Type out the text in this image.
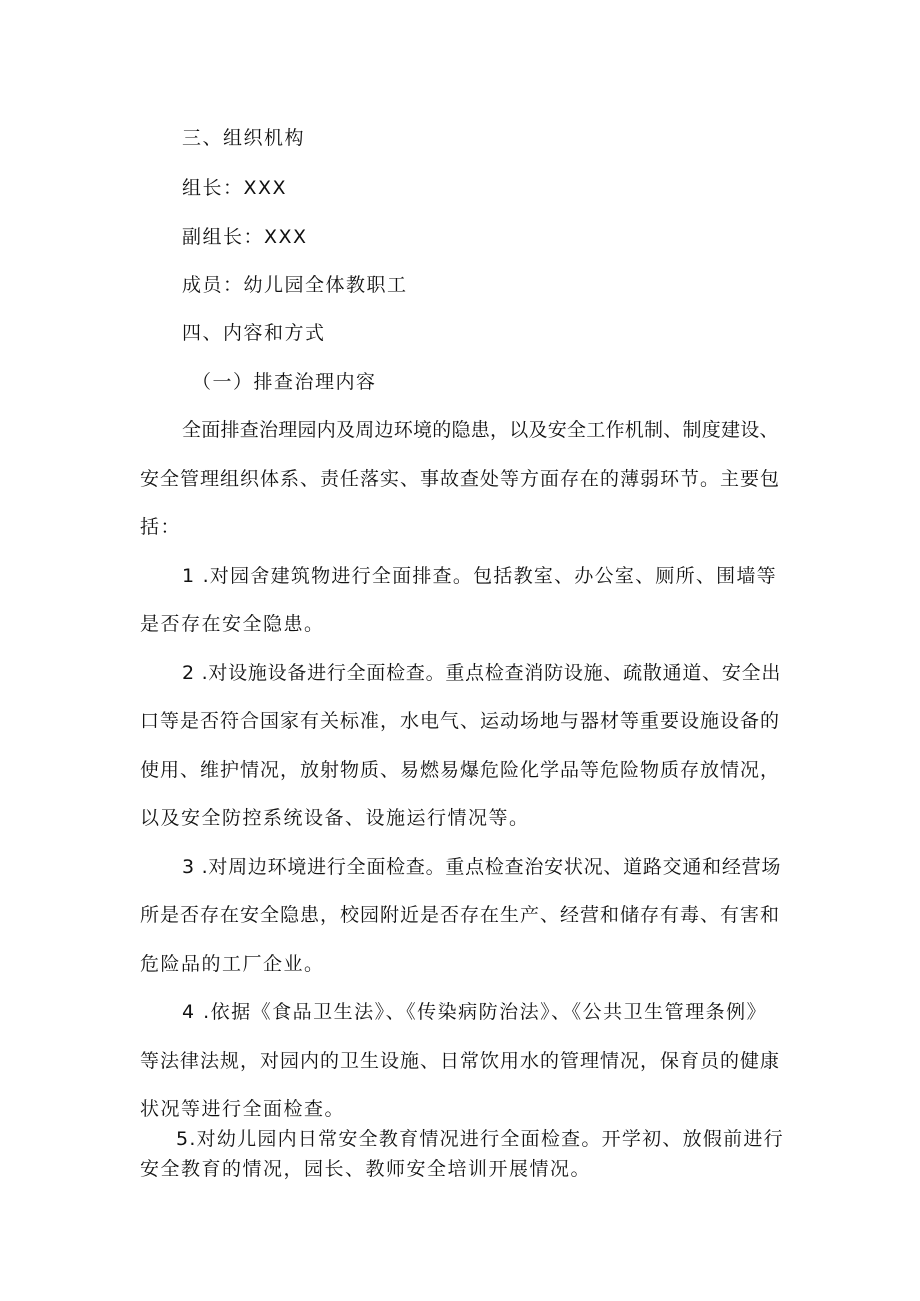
三、组织机构
组长：XXX
副组长：XXX
成员：幼儿园全体教职工
四、内容和方式
（一）排查治理内容
全面排查治理园内及周边环境的隐患，以及安全工作机制、制度建设、
安全管理组织体系、责任落实、事故查处等方面存在的薄弱环节。主要包
括：
1 .对园舍建筑物进行全面排查。包括教室、办公室、厕所、围墙等
是否存在安全隐患。
2 .对设施设备进行全面检查。重点检查消防设施、疏散通道、安全出
口等是否符合国家有关标准，水电气、运动场地与器材等重要设施设备的
使用、维护情况，放射物质、易燃易爆危险化学品等危险物质存放情况，
以及安全防控系统设备、设施运行情况等。
3 .对周边环境进行全面检查。重点检查治安状况、道路交通和经营场
所是否存在安全隐患，校园附近是否存在生产、经营和储存有毒、有害和
危险品的工厂企业。
4 .依据《食品卫生法》、《传染病防治法》、《公共卫生管理条例》
等法律法规，对园内的卫生设施、日常饮用水的管理情况，保育员的健康
状况等进行全面检查。
5.对幼儿园内日常安全教育情况进行全面检查。开学初、放假前进行
安全教育的情况，园长、教师安全培训开展情况。
